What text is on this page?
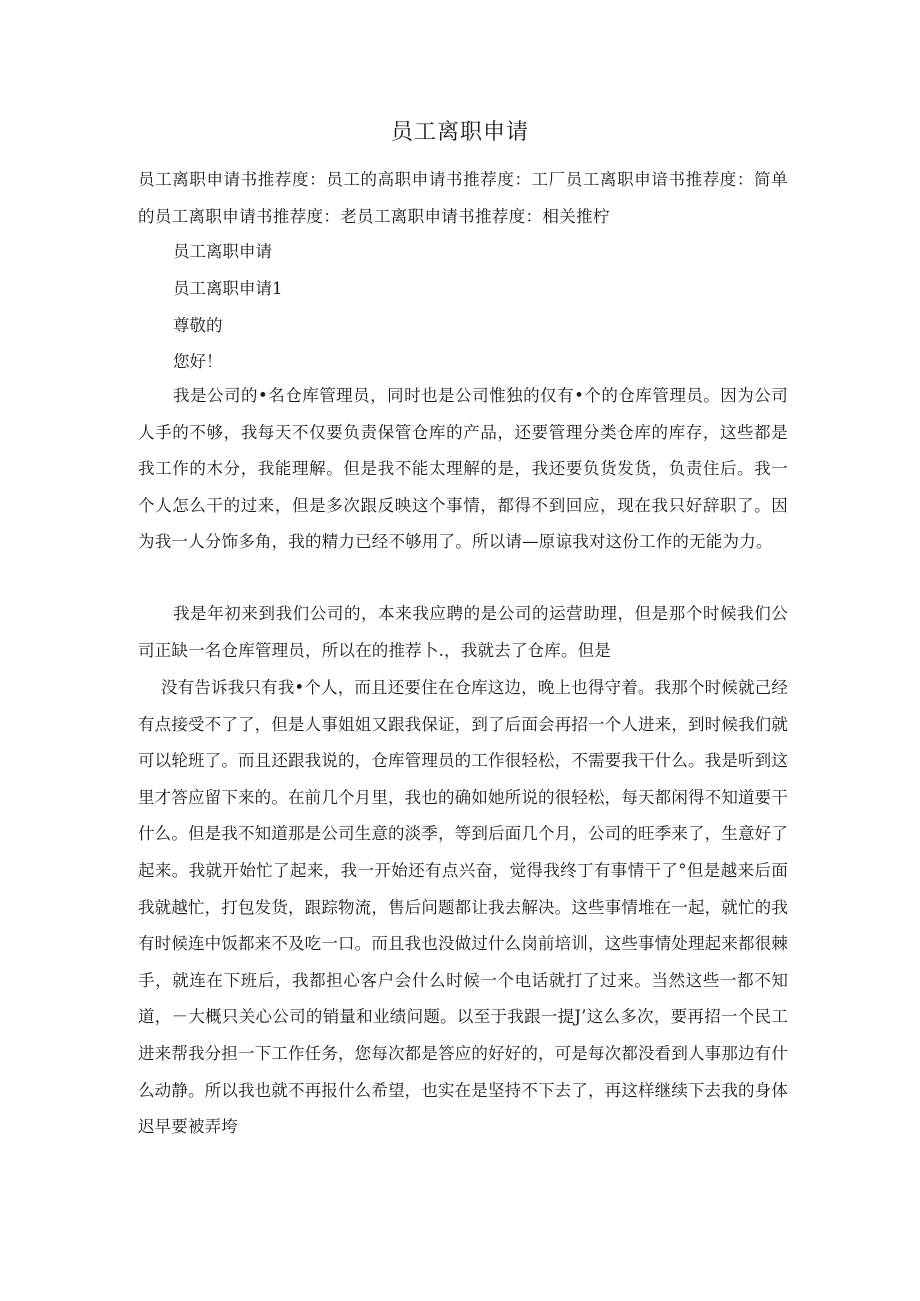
员工离职申请
员工离职申请书推荐度：员工的高职申请书推荐度：工厂员工离职申谙书推荐度：简单的员工离职申请书推荐度：老员工离职申请书推荐度：相关推柠
员工离职申请
员工离职申请1
尊敬的
您好！
我是公司的•名仓库管理员，同时也是公司惟独的仅有•个的仓库管理员。因为公司人手的不够，我每天不仅要负责保管仓库的产品，还要管理分类仓库的库存，这些都是我工作的木分，我能理解。但是我不能太理解的是，我还要负货发货，负责住后。我一个人怎么干的过来，但是多次跟反映这个事情，都得不到回应，现在我只好辞职了。因为我一人分饰多角，我的精力已经不够用了。所以请—原谅我对这份工作的无能为力。
我是年初来到我们公司的，本来我应聘的是公司的运营助理，但是那个时候我们公司正缺一名仓库管理员，所以在的推荐卜.，我就去了仓库。但是
没有告诉我只有我•个人，而且还要住在仓库这边，晚上也得守着。我那个时候就己经有点接受不了了，但是人事姐姐又跟我保证，到了后面会再招一个人进来，到时候我们就可以轮班了。而且还跟我说的，仓库管理员的工作很轻松，不需要我干什么。我是听到这里才答应留下来的。在前几个月里，我也的确如她所说的很轻松，每天都闲得不知道要干什么。但是我不知道那是公司生意的淡季，等到后面几个月，公司的旺季来了，生意好了起来。我就开始忙了起来，我一开始还有点兴奋，觉得我终丁有事情干了°但是越来后面我就越忙，打包发货，跟踪物流，售后问题都让我去解决。这些事情堆在一起，就忙的我有时候连中饭都来不及吃一口。而且我也没做过什么岗前培训，这些事情处理起来都很棘手，就连在下班后，我都担心客户会什么时候一个电话就打了过来。当然这些一都不知道，－大概只关心公司的销量和业绩问题。以至于我跟一提J’这么多次，要再招一个民工进来帮我分担一下工作任务，您每次都是答应的好好的，可是每次都没看到人事那边有什么动静。所以我也就不再报什么希望，也实在是坚持不下去了，再这样继续下去我的身体迟早要被弄垮
